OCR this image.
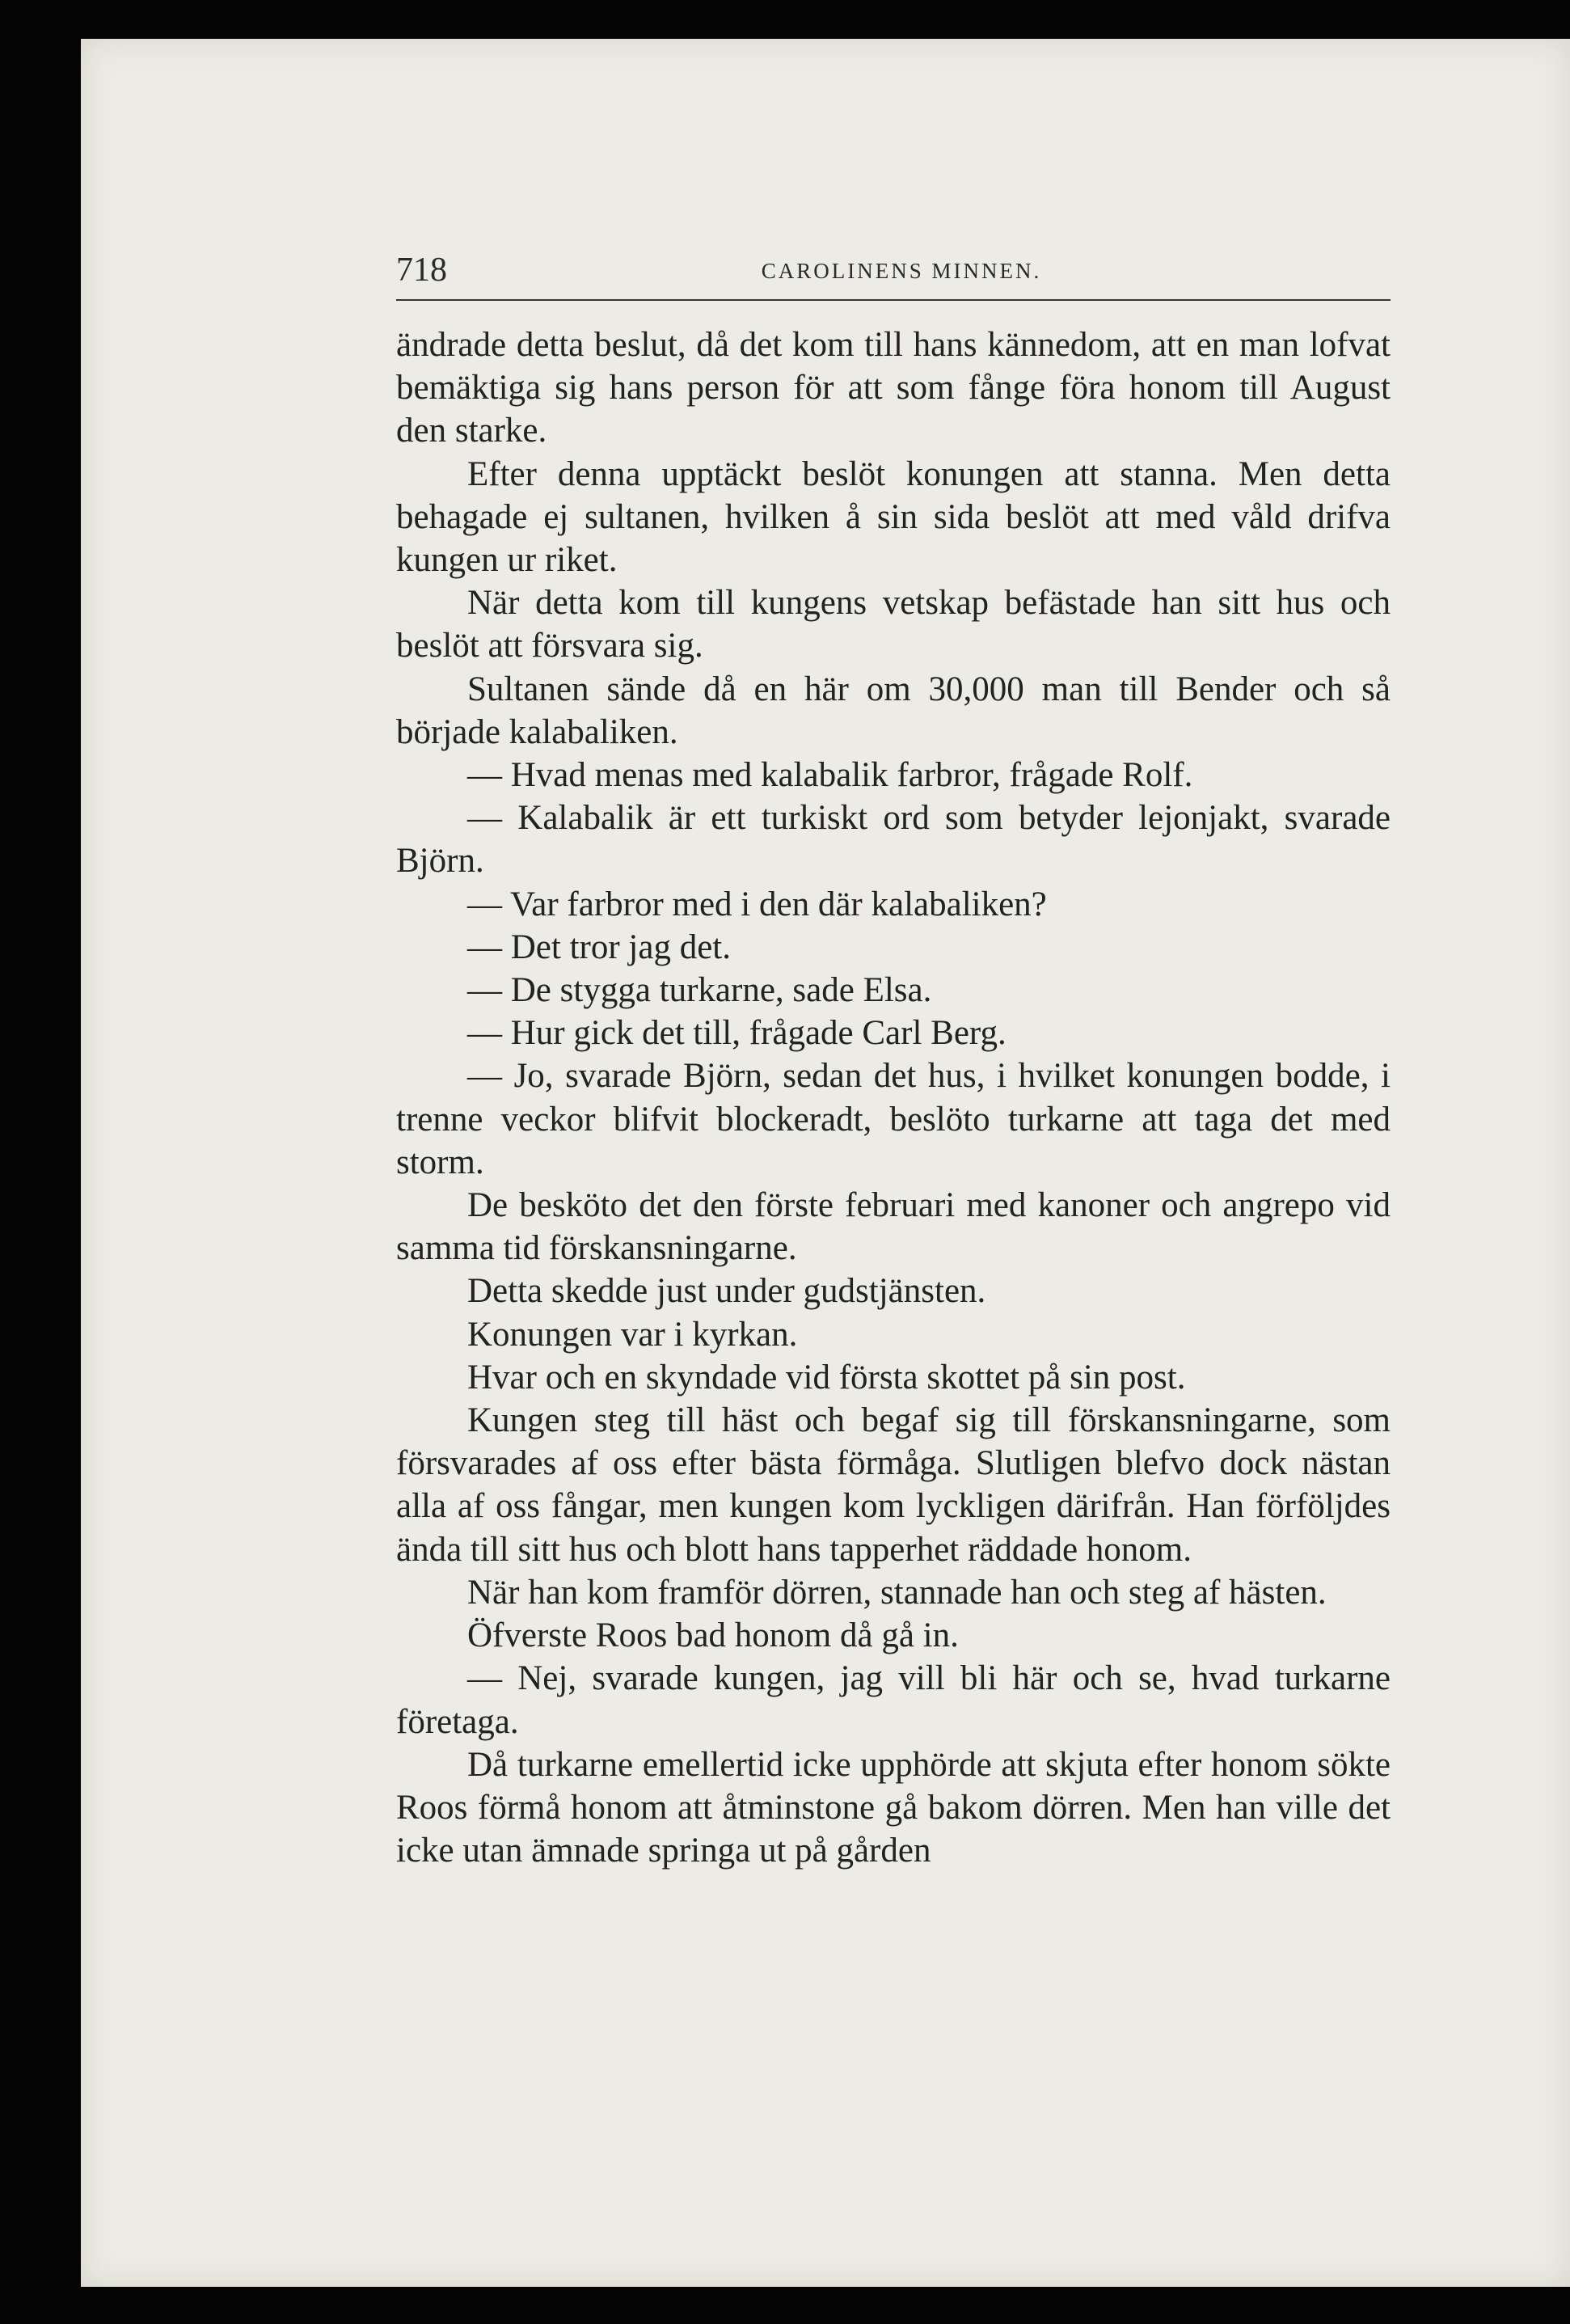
718	CAROLINENS MINNEN.

ändrade detta beslut, då det kom till hans kännedom, att en man lofvat bemäktiga sig hans person för att som fånge föra honom till August den starke.

Efter denna upptäckt beslöt konungen att stanna. Men detta behagade ej sultanen, hvilken å sin sida beslöt att med våld drifva kungen ur riket.

När detta kom till kungens vetskap befästade han sitt hus och beslöt att försvara sig.

Sultanen sände då en här om 30,000 man till Bender och så började kalabaliken.

— Hvad menas med kalabalik farbror, frågade Rolf.

— Kalabalik är ett turkiskt ord som betyder lejonjakt, svarade Björn.

— Var farbror med i den där kalabaliken?

— Det tror jag det.

— De stygga turkarne, sade Elsa.

— Hur gick det till, frågade Carl Berg.

— Jo, svarade Björn, sedan det hus, i hvilket konungen bodde, i trenne veckor blifvit blockeradt, beslöto turkarne att taga det med storm.

De besköto det den förste februari med kanoner och angrepo vid samma tid förskansningarne.

Detta skedde just under gudstjänsten.

Konungen var i kyrkan.

Hvar och en skyndade vid första skottet på sin post.

Kungen steg till häst och begaf sig till förskansningarne, som försvarades af oss efter bästa förmåga. Slutligen blefvo dock nästan alla af oss fångar, men kungen kom lyckligen därifrån. Han förföljdes ända till sitt hus och blott hans tapperhet räddade honom.

När han kom framför dörren, stannade han och steg af hästen.

Öfverste Roos bad honom då gå in.

— Nej, svarade kungen, jag vill bli här och se, hvad turkarne företaga.

Då turkarne emellertid icke upphörde att skjuta efter honom sökte Roos förmå honom att åtminstone gå bakom dörren. Men han ville det icke utan ämnade springa ut på gården
